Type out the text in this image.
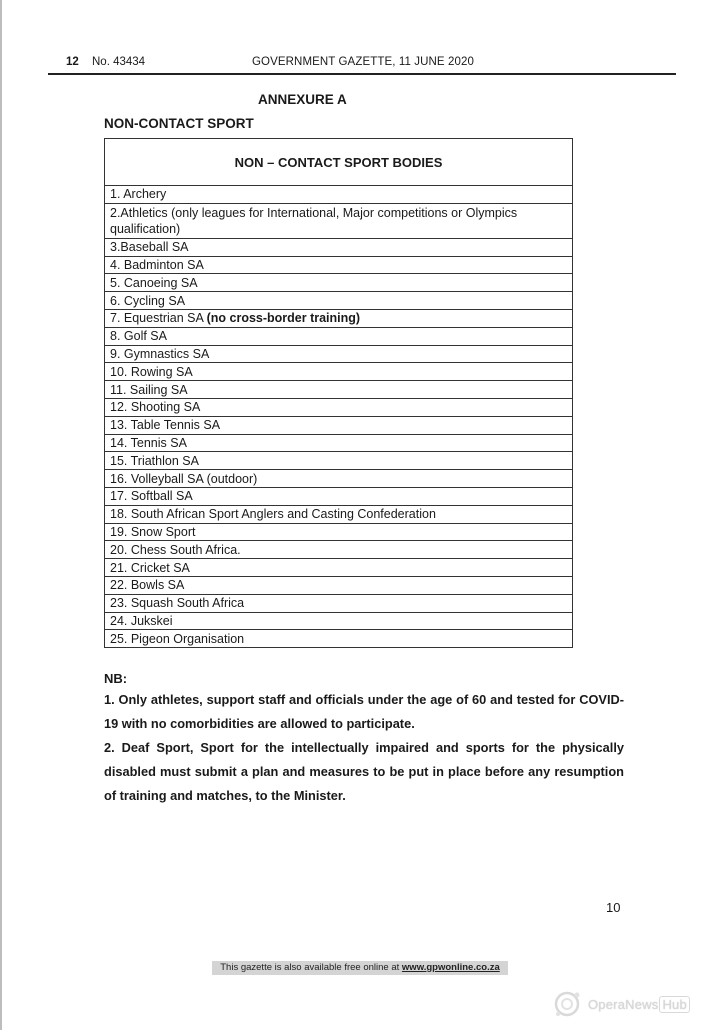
12 No. 43434	GOVERNMENT GAZETTE, 11 JUNE 2020
ANNEXURE A
NON-CONTACT SPORT
NON – CONTACT SPORT BODIES
1. Archery
2.Athletics (only leagues for International, Major competitions or Olympics qualification)
3.Baseball SA
4. Badminton SA
5. Canoeing SA
6. Cycling SA
7. Equestrian SA (no cross-border training)
8. Golf SA
9. Gymnastics SA
10. Rowing SA
11. Sailing SA
12. Shooting SA
13. Table Tennis SA
14. Tennis SA
15. Triathlon SA
16. Volleyball SA (outdoor)
17. Softball SA
18. South African Sport Anglers and Casting Confederation
19. Snow Sport
20. Chess South Africa.
21. Cricket SA
22. Bowls SA
23. Squash South Africa
24. Jukskei
25. Pigeon Organisation
NB:
1. Only athletes, support staff and officials under the age of 60 and tested for COVID-19 with no comorbidities are allowed to participate.
2. Deaf Sport, Sport for the intellectually impaired and sports for the physically disabled must submit a plan and measures to be put in place before any resumption of training and matches, to the Minister.
10
This gazette is also available free online at www.gpwonline.co.za
OperaNews Hub
